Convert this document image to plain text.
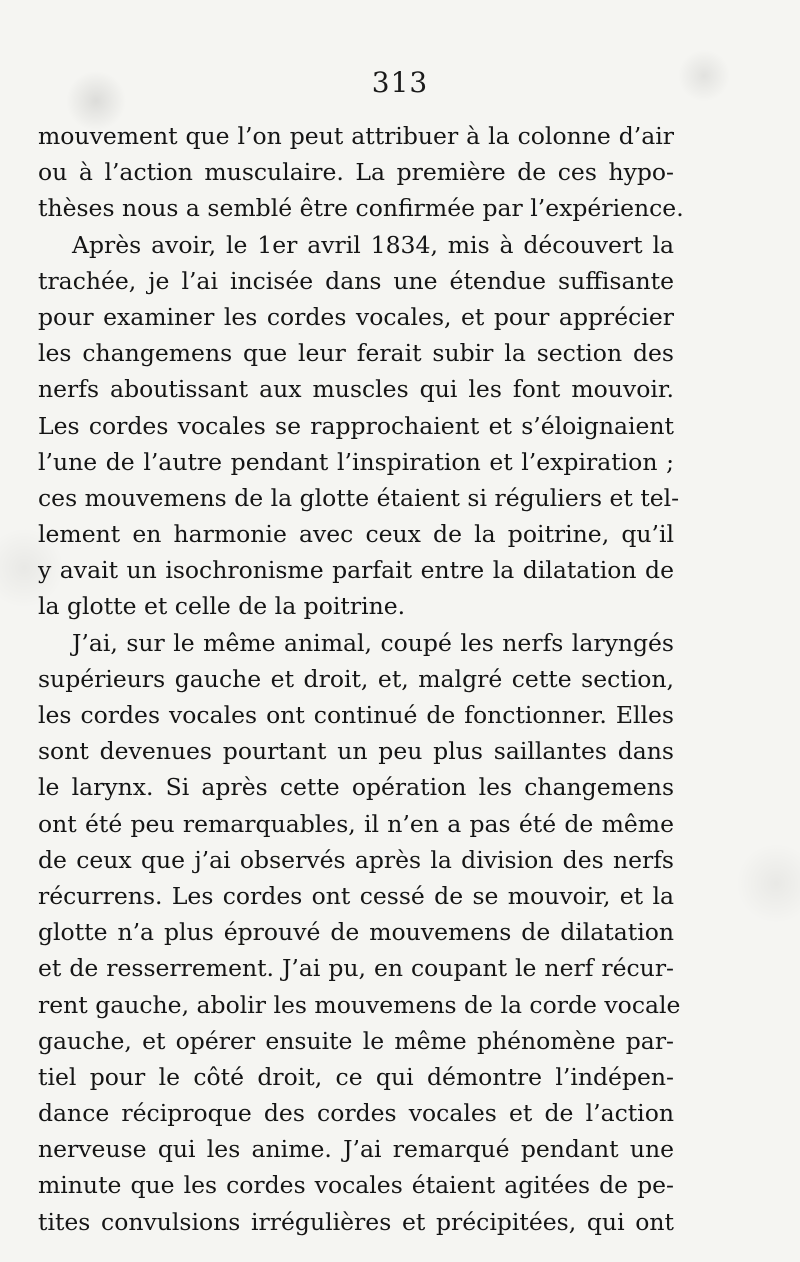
313
mouvement que l’on peut attribuer à la colonne d’air
ou à l’action musculaire. La première de ces hypo-
thèses nous a semblé être confirmée par l’expérience.
Après avoir, le 1er avril 1834, mis à découvert la
trachée, je l’ai incisée dans une étendue suffisante
pour examiner les cordes vocales, et pour apprécier
les changemens que leur ferait subir la section des
nerfs aboutissant aux muscles qui les font mouvoir.
Les cordes vocales se rapprochaient et s’éloignaient
l’une de l’autre pendant l’inspiration et l’expiration ;
ces mouvemens de la glotte étaient si réguliers et tel-
lement en harmonie avec ceux de la poitrine, qu’il
y avait un isochronisme parfait entre la dilatation de
la glotte et celle de la poitrine.
J’ai, sur le même animal, coupé les nerfs laryngés
supérieurs gauche et droit, et, malgré cette section,
les cordes vocales ont continué de fonctionner. Elles
sont devenues pourtant un peu plus saillantes dans
le larynx. Si après cette opération les changemens
ont été peu remarquables, il n’en a pas été de même
de ceux que j’ai observés après la division des nerfs
récurrens. Les cordes ont cessé de se mouvoir, et la
glotte n’a plus éprouvé de mouvemens de dilatation
et de resserrement. J’ai pu, en coupant le nerf récur-
rent gauche, abolir les mouvemens de la corde vocale
gauche, et opérer ensuite le même phénomène par-
tiel pour le côté droit, ce qui démontre l’indépen-
dance réciproque des cordes vocales et de l’action
nerveuse qui les anime. J’ai remarqué pendant une
minute que les cordes vocales étaient agitées de pe-
tites convulsions irrégulières et précipitées, qui ont
